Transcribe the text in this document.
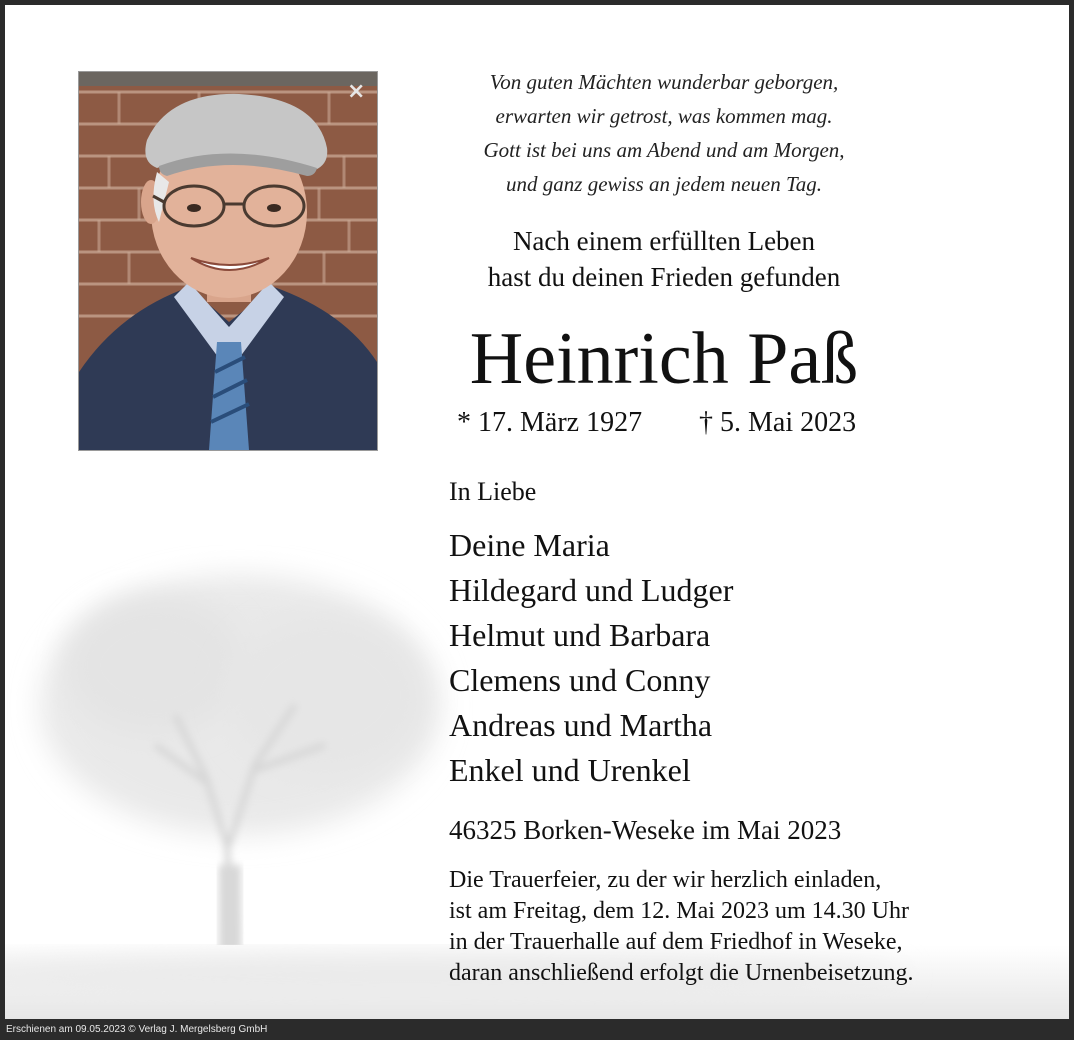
×	Von guten Mächten wunderbar geborgen,
erwarten wir getrost, was kommen mag.
Gott ist bei uns am Abend und am Morgen,
und ganz gewiss an jedem neuen Tag.
Nach einem erfüllten Leben
hast du deinen Frieden gefunden
Heinrich Paß
* 17. März 1927 † 5. Mai 2023
In Liebe
Deine Maria
Hildegard und Ludger
Helmut und Barbara
Clemens und Conny
Andreas und Martha
Enkel und Urenkel
46325 Borken-Weseke im Mai 2023
Die Trauerfeier, zu der wir herzlich einladen,
ist am Freitag, dem 12. Mai 2023 um 14.30 Uhr
in der Trauerhalle auf dem Friedhof in Weseke,
daran anschließend erfolgt die Urnenbeisetzung.
Erschienen am 09.05.2023 © Verlag J. Mergelsberg GmbH
